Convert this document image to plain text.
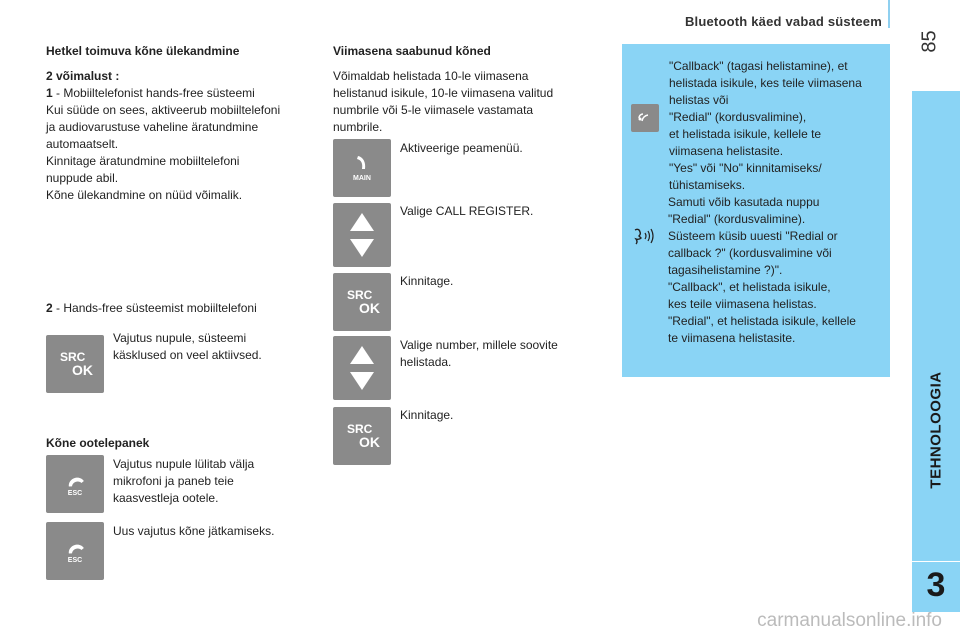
Bluetooth käed vabad süsteem
85
TEHNOLOOGIA
3
Hetkel toimuva kõne ülekandmine

2 võimalust :

1 - Mobiiltelefonist hands-free süsteemi

Kui süüde on sees, aktiveerub mobiiltelefoni

ja audiovarustuse vaheline äratundmine

automaatselt.

Kinnitage äratundmine mobiiltelefoni

nuppude abil.

Kõne ülekandmine on nüüd võimalik.

2 - Hands-free süsteemist mobiiltelefoni

SRC
OK

Vajutus nupule, süsteemi

käsklused on veel aktiivsed.

Kõne ootelepanek
ESC

Vajutus nupule lülitab välja

mikrofoni ja paneb teie

kaasvestleja ootele.

ESC

Uus vajutus kõne jätkamiseks.

Viimasena saabunud kõned

Võimaldab helistada 10-le viimasena

helistanud isikule, 10-le viimasena valitud

numbrile või 5-le viimasele vastamata

numbrile.

MAIN

Aktiveerige peamenüü.

Valige CALL REGISTER.

SRC
OK

Kinnitage.

Valige number, millele soovite

helistada.

SRC
OK

Kinnitage.

"Callback" (tagasi helistamine), et

helistada isikule, kes teile viimasena

helistas või

"Redial" (kordusvalimine),

et helistada isikule, kellele te

viimasena helistasite.

"Yes" või "No" kinnitamiseks/

tühistamiseks.

Samuti võib kasutada nuppu

"Redial" (kordusvalimine).

Süsteem küsib uuesti "Redial or

callback ?" (kordusvalimine või

tagasihelistamine ?)".

"Callback", et helistada isikule,

kes teile viimasena helistas.

"Redial", et helistada isikule, kellele

te viimasena helistasite.

carmanualsonline.info
